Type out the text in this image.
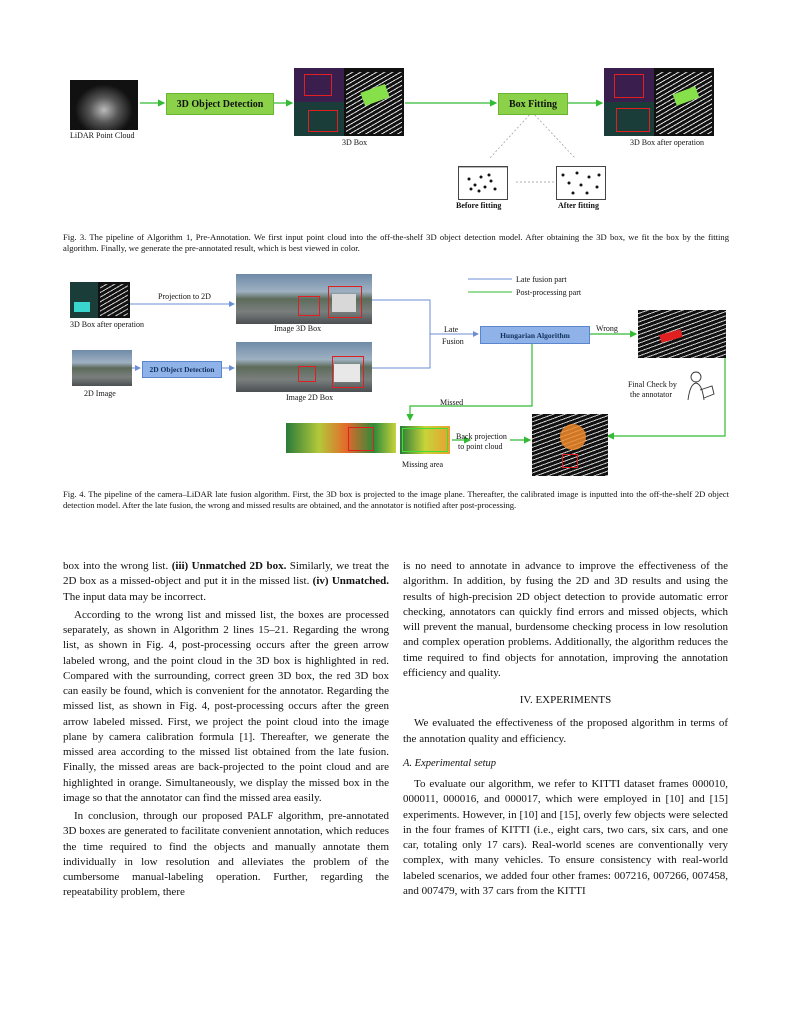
LiDAR Point Cloud
3D Object Detection
3D Box
Box Fitting
3D Box after operation
Before fitting	After fitting
Fig. 3. The pipeline of Algorithm 1, Pre-Annotation. We first input point cloud into the off-the-shelf 3D object detection model. After obtaining the 3D box, we fit the box by the fitting algorithm. Finally, we generate the pre-annotated result, which is best viewed in color.
Late fusion part
Post-processing part
3D Box after operation
Projection to 2D
Image 3D Box	Late
Fusion
Hungarian Algorithm
Wrong
2D Image
2D Object Detection
Image 2D Box
Final Check by
the annotator
Missed
Missing area
Back projection
to point cloud
Fig. 4. The pipeline of the camera–LiDAR late fusion algorithm. First, the 3D box is projected to the image plane. Thereafter, the calibrated image is inputted into the off-the-shelf 2D object detection model. After the late fusion, the wrong and missed results are obtained, and the annotator is notified after post-processing.

box into the wrong list. (iii) Unmatched 2D box. Similarly, we treat the 2D box as a missed-object and put it in the missed list. (iv) Unmatched. The input data may be incorrect.

According to the wrong list and missed list, the boxes are processed separately, as shown in Algorithm 2 lines 15–21. Regarding the wrong list, as shown in Fig. 4, post-processing occurs after the green arrow labeled wrong, and the point cloud in the 3D box is highlighted in red. Compared with the surrounding, correct green 3D box, the red 3D box can easily be found, which is convenient for the annotator. Regarding the missed list, as shown in Fig. 4, post-processing occurs after the green arrow labeled missed. First, we project the point cloud into the image plane by camera calibration formula [1]. Thereafter, we generate the missed area according to the missed list obtained from the late fusion. Finally, the missed areas are back-projected to the point cloud and are highlighted in orange. Simultaneously, we display the missed box in the image so that the annotator can find the missed area easily.

In conclusion, through our proposed PALF algorithm, pre-annotated 3D boxes are generated to facilitate convenient annotation, which reduces the time required to find the objects and manually annotate them individually in low resolution and alleviates the problem of the cumbersome manual-labeling operation. Further, regarding the repeatability problem, there

is no need to annotate in advance to improve the effectiveness of the algorithm. In addition, by fusing the 2D and 3D results and using the results of high-precision 2D object detection to provide automatic error checking, annotators can quickly find errors and missed objects, which will prevent the manual, burdensome checking process in low resolution and complex operation problems. Additionally, the algorithm reduces the time required to find objects for annotation, improving the annotation efficiency and quality.

IV. EXPERIMENTS

We evaluated the effectiveness of the proposed algorithm in terms of the annotation quality and efficiency.

A. Experimental setup

To evaluate our algorithm, we refer to KITTI dataset frames 000010, 000011, 000016, and 000017, which were employed in [10] and [15] experiments. However, in [10] and [15], overly few objects were selected in the four frames of KITTI (i.e., eight cars, two cars, six cars, and one car, totaling only 17 cars). Real-world scenes are conventionally very complex, with many vehicles. To ensure consistency with real-world labeled scenarios, we added four other frames: 007216, 007266, 007458, and 007479, with 37 cars from the KITTI
